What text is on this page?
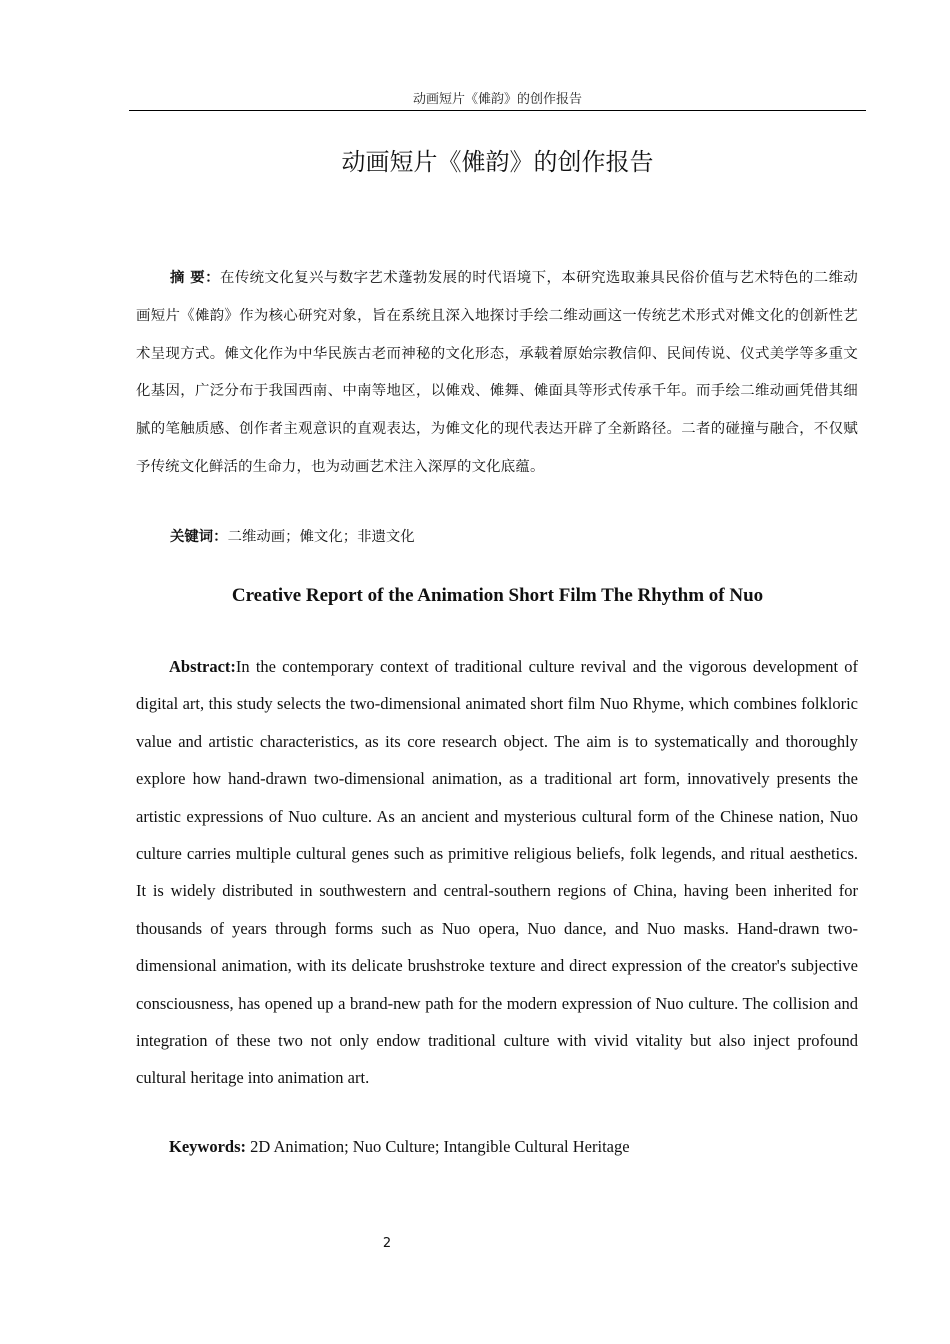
动画短片《傩韵》的创作报告
动画短片《傩韵》的创作报告

摘 要：在传统文化复兴与数字艺术蓬勃发展的时代语境下，本研究选取兼具民俗价值与艺术特色的二维动画短片《傩韵》作为核心研究对象，旨在系统且深入地探讨手绘二维动画这一传统艺术形式对傩文化的创新性艺术呈现方式。傩文化作为中华民族古老而神秘的文化形态，承载着原始宗教信仰、民间传说、仪式美学等多重文化基因，广泛分布于我国西南、中南等地区，以傩戏、傩舞、傩面具等形式传承千年。而手绘二维动画凭借其细腻的笔触质感、创作者主观意识的直观表达，为傩文化的现代表达开辟了全新路径。二者的碰撞与融合，不仅赋予传统文化鲜活的生命力，也为动画艺术注入深厚的文化底蕴。

关键词：二维动画；傩文化；非遗文化

Creative Report of the Animation Short Film The Rhythm of Nuo

Abstract:In the contemporary context of traditional culture revival and the vigorous development of digital art, this study selects the two-dimensional animated short film Nuo Rhyme, which combines folkloric value and artistic characteristics, as its core research object. The aim is to systematically and thoroughly explore how hand-drawn two-dimensional animation, as a traditional art form, innovatively presents the artistic expressions of Nuo culture. As an ancient and mysterious cultural form of the Chinese nation, Nuo culture carries multiple cultural genes such as primitive religious beliefs, folk legends, and ritual aesthetics. It is widely distributed in southwestern and central-southern regions of China, having been inherited for thousands of years through forms such as Nuo opera, Nuo dance, and Nuo masks. Hand-drawn two-dimensional animation, with its delicate brushstroke texture and direct expression of the creator's subjective consciousness, has opened up a brand-new path for the modern expression of Nuo culture. The collision and integration of these two not only endow traditional culture with vivid vitality but also inject profound cultural heritage into animation art.

Keywords: 2D Animation; Nuo Culture; Intangible Cultural Heritage

2
